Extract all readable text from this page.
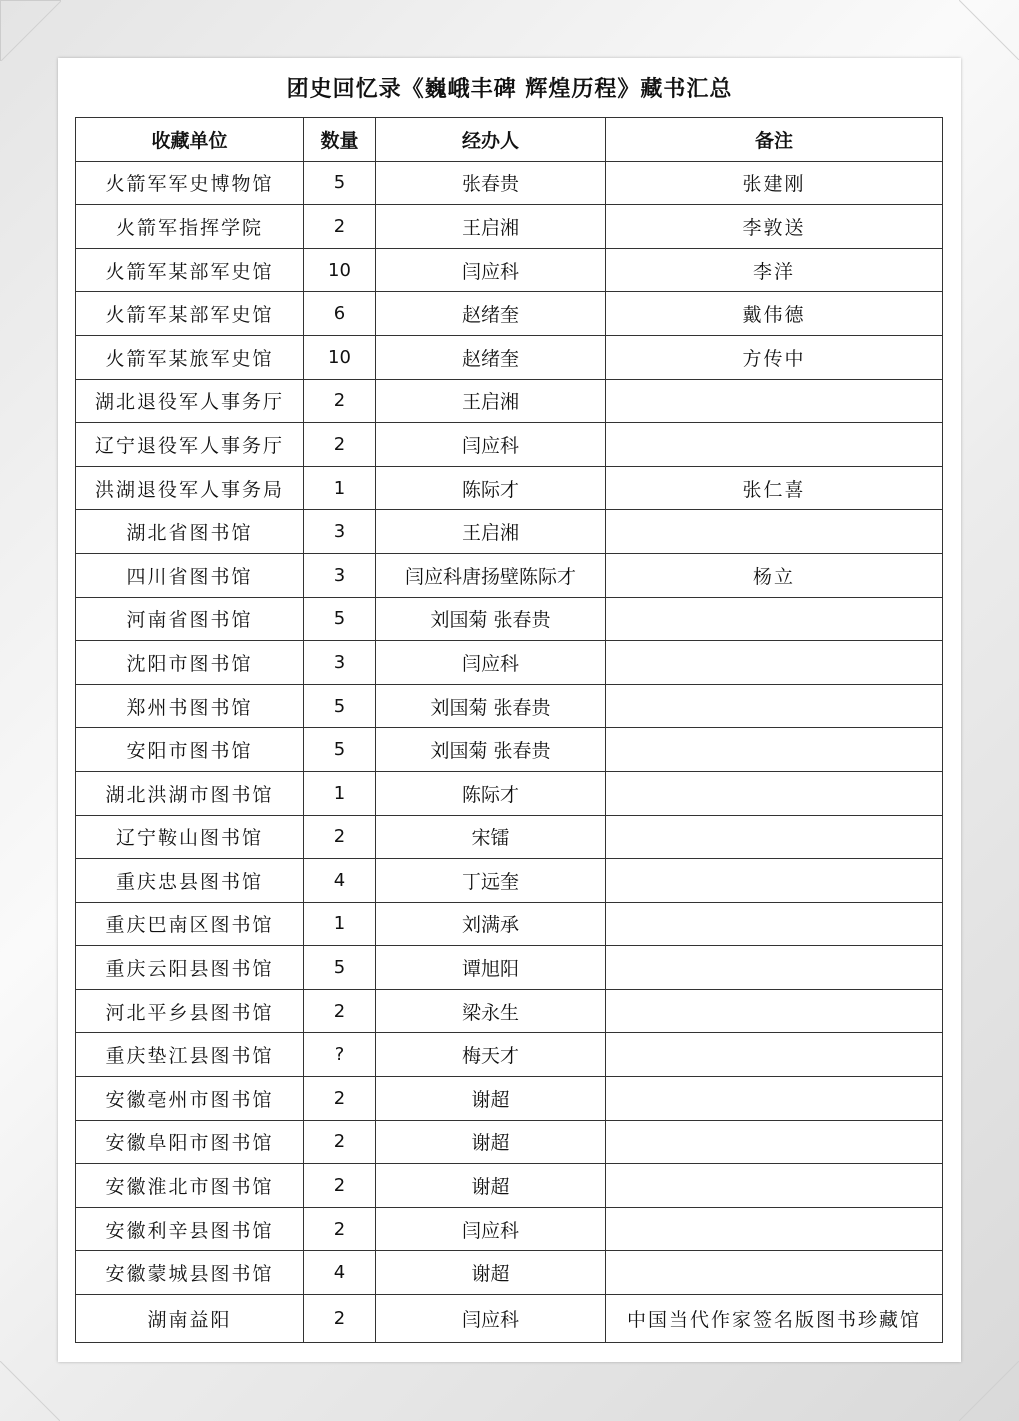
团史回忆录《巍峨丰碑 辉煌历程》藏书汇总
收藏单位	数量	经办人	备注
火箭军军史博物馆	5	张春贵	张建刚
火箭军指挥学院	2	王启湘	李敦送
火箭军某部军史馆	10	闫应科	李洋
火箭军某部军史馆	6	赵绪奎	戴伟德
火箭军某旅军史馆	10	赵绪奎	方传中
湖北退役军人事务厅	2	王启湘	
辽宁退役军人事务厅	2	闫应科	
洪湖退役军人事务局	1	陈际才	张仁喜
湖北省图书馆	3	王启湘	
四川省图书馆	3	闫应科唐扬壁陈际才	杨立
河南省图书馆	5	刘国菊 张春贵	
沈阳市图书馆	3	闫应科	
郑州书图书馆	5	刘国菊 张春贵	
安阳市图书馆	5	刘国菊 张春贵	
湖北洪湖市图书馆	1	陈际才	
辽宁鞍山图书馆	2	宋镭	
重庆忠县图书馆	4	丁远奎	
重庆巴南区图书馆	1	刘满承	
重庆云阳县图书馆	5	谭旭阳	
河北平乡县图书馆	2	梁永生	
重庆垫江县图书馆	?	梅天才	
安徽亳州市图书馆	2	谢超	
安徽阜阳市图书馆	2	谢超	
安徽淮北市图书馆	2	谢超	
安徽利辛县图书馆	2	闫应科	
安徽蒙城县图书馆	4	谢超	
湖南益阳	2	闫应科	中国当代作家签名版图书珍藏馆
